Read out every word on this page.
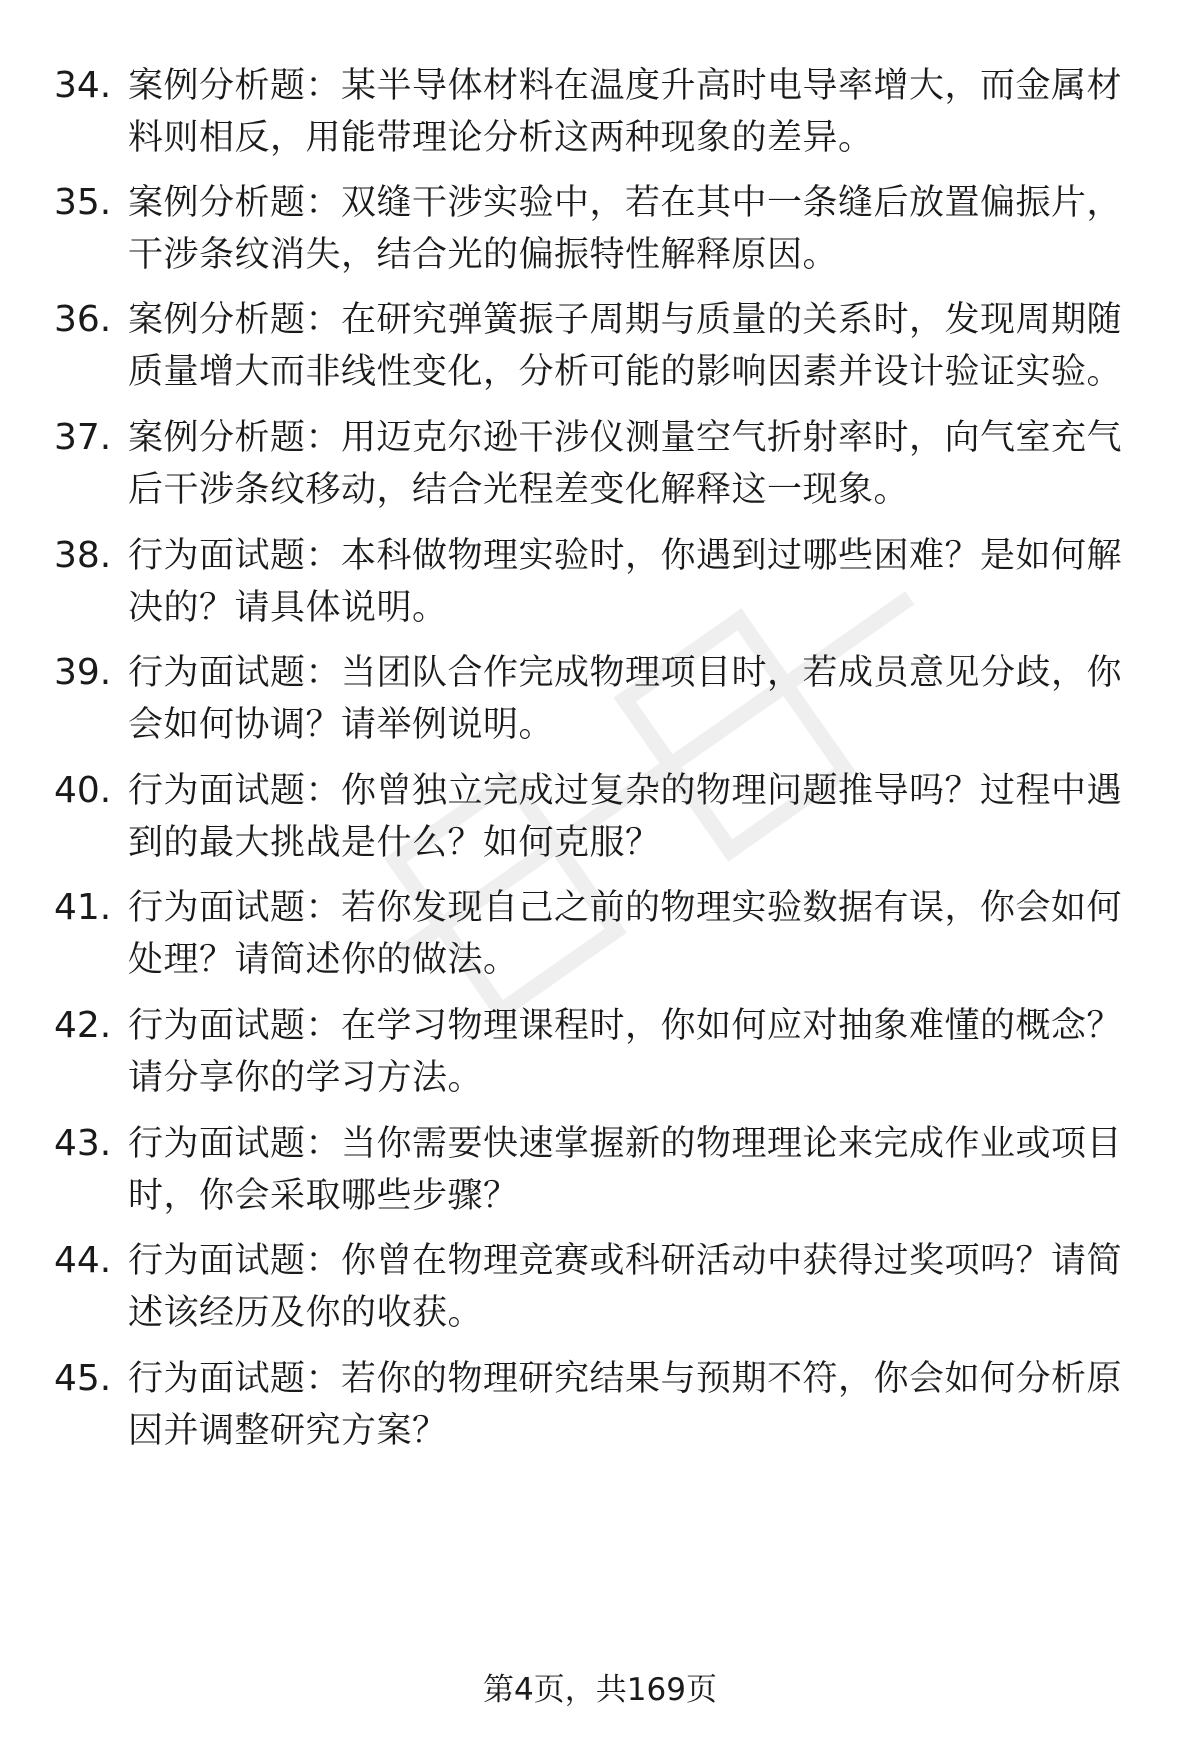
34. 案例分析题：某半导体材料在温度升高时电导率增大，而金属材料则相反，用能带理论分析这两种现象的差异。
35. 案例分析题：双缝干涉实验中，若在其中一条缝后放置偏振片，干涉条纹消失，结合光的偏振特性解释原因。
36. 案例分析题：在研究弹簧振子周期与质量的关系时，发现周期随质量增大而非线性变化，分析可能的影响因素并设计验证实验。
37. 案例分析题：用迈克尔逊干涉仪测量空气折射率时，向气室充气后干涉条纹移动，结合光程差变化解释这一现象。
38. 行为面试题：本科做物理实验时，你遇到过哪些困难？是如何解决的？请具体说明。
39. 行为面试题：当团队合作完成物理项目时，若成员意见分歧，你会如何协调？请举例说明。
40. 行为面试题：你曾独立完成过复杂的物理问题推导吗？过程中遇到的最大挑战是什么？如何克服？
41. 行为面试题：若你发现自己之前的物理实验数据有误，你会如何处理？请简述你的做法。
42. 行为面试题：在学习物理课程时，你如何应对抽象难懂的概念？请分享你的学习方法。
43. 行为面试题：当你需要快速掌握新的物理理论来完成作业或项目时，你会采取哪些步骤？
44. 行为面试题：你曾在物理竞赛或科研活动中获得过奖项吗？请简述该经历及你的收获。
45. 行为面试题：若你的物理研究结果与预期不符，你会如何分析原因并调整研究方案？
第4页，共169页
